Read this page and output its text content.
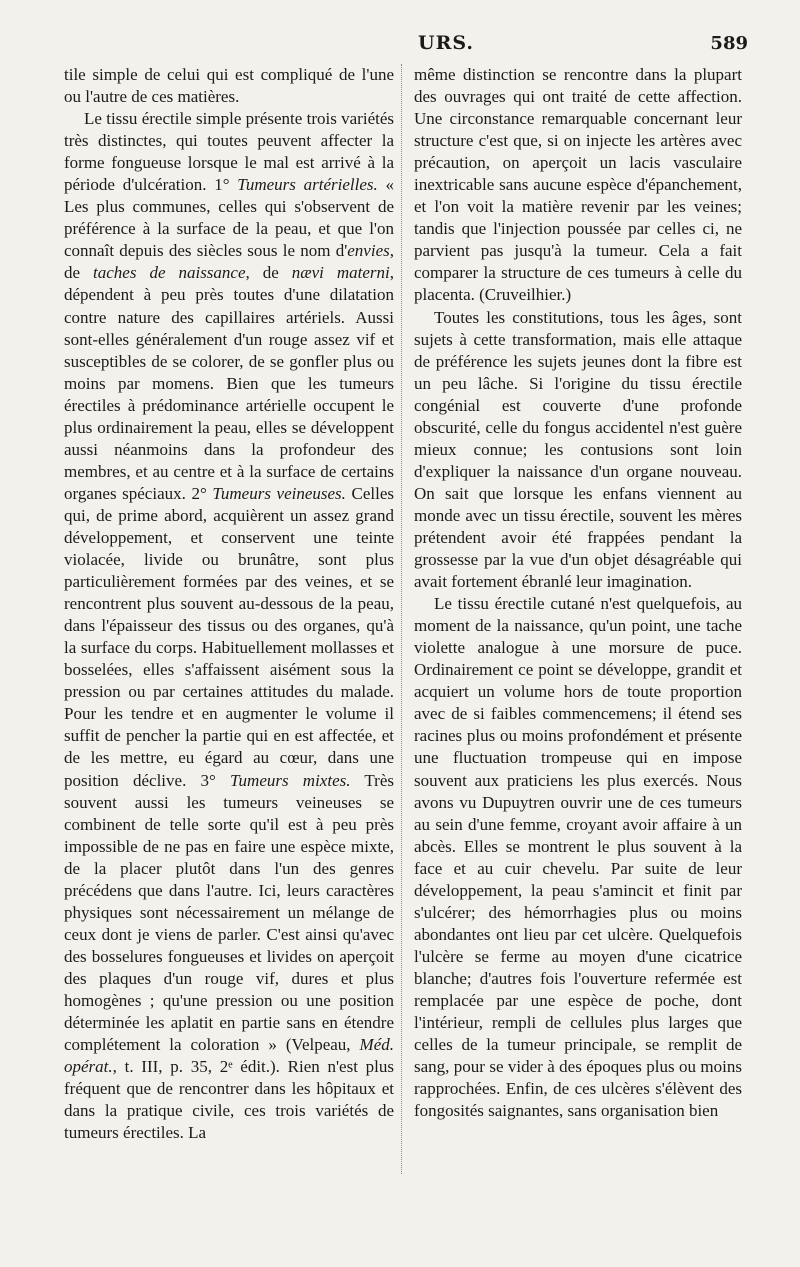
URS.	589

tile simple de celui qui est compliqué de l'une ou l'autre de ces matières.

Le tissu érectile simple présente trois variétés très distinctes, qui toutes peuvent affecter la forme fongueuse lorsque le mal est arrivé à la période d'ulcération. 1° Tumeurs artérielles. « Les plus communes, celles qui s'observent de préférence à la surface de la peau, et que l'on connaît depuis des siècles sous le nom d'envies, de taches de naissance, de nævi materni, dépendent à peu près toutes d'une dilatation contre nature des capillaires artériels. Aussi sont-elles généralement d'un rouge assez vif et susceptibles de se colorer, de se gonfler plus ou moins par momens. Bien que les tumeurs érectiles à prédominance artérielle occupent le plus ordinairement la peau, elles se développent aussi néanmoins dans la profondeur des membres, et au centre et à la surface de certains organes spéciaux. 2° Tumeurs veineuses. Celles qui, de prime abord, acquièrent un assez grand développement, et conservent une teinte violacée, livide ou brunâtre, sont plus particulièrement formées par des veines, et se rencontrent plus souvent au-dessous de la peau, dans l'épaisseur des tissus ou des organes, qu'à la surface du corps. Habituellement mollasses et bosselées, elles s'affaissent aisément sous la pression ou par certaines attitudes du malade. Pour les tendre et en augmenter le volume il suffit de pencher la partie qui en est affectée, et de les mettre, eu égard au cœur, dans une position déclive. 3° Tumeurs mixtes. Très souvent aussi les tumeurs veineuses se combinent de telle sorte qu'il est à peu près impossible de ne pas en faire une espèce mixte, de la placer plutôt dans l'un des genres précédens que dans l'autre. Ici, leurs caractères physiques sont nécessairement un mélange de ceux dont je viens de parler. C'est ainsi qu'avec des bosselures fongueuses et livides on aperçoit des plaques d'un rouge vif, dures et plus homogènes ; qu'une pression ou une position déterminée les aplatit en partie sans en étendre complétement la coloration » (Velpeau, Méd. opérat., t. III, p. 35, 2ᵉ édit.). Rien n'est plus fréquent que de rencontrer dans les hôpitaux et dans la pratique civile, ces trois variétés de tumeurs érectiles. La

même distinction se rencontre dans la plupart des ouvrages qui ont traité de cette affection. Une circonstance remarquable concernant leur structure c'est que, si on injecte les artères avec précaution, on aperçoit un lacis vasculaire inextricable sans aucune espèce d'épanchement, et l'on voit la matière revenir par les veines; tandis que l'injection poussée par celles ci, ne parvient pas jusqu'à la tumeur. Cela a fait comparer la structure de ces tumeurs à celle du placenta. (Cruveilhier.)

Toutes les constitutions, tous les âges, sont sujets à cette transformation, mais elle attaque de préférence les sujets jeunes dont la fibre est un peu lâche. Si l'origine du tissu érectile congénial est couverte d'une profonde obscurité, celle du fongus accidentel n'est guère mieux connue; les contusions sont loin d'expliquer la naissance d'un organe nouveau. On sait que lorsque les enfans viennent au monde avec un tissu érectile, souvent les mères prétendent avoir été frappées pendant la grossesse par la vue d'un objet désagréable qui avait fortement ébranlé leur imagination.

Le tissu érectile cutané n'est quelquefois, au moment de la naissance, qu'un point, une tache violette analogue à une morsure de puce. Ordinairement ce point se développe, grandit et acquiert un volume hors de toute proportion avec de si faibles commencemens; il étend ses racines plus ou moins profondément et présente une fluctuation trompeuse qui en impose souvent aux praticiens les plus exercés. Nous avons vu Dupuytren ouvrir une de ces tumeurs au sein d'une femme, croyant avoir affaire à un abcès. Elles se montrent le plus souvent à la face et au cuir chevelu. Par suite de leur développement, la peau s'amincit et finit par s'ulcérer; des hémorrhagies plus ou moins abondantes ont lieu par cet ulcère. Quelquefois l'ulcère se ferme au moyen d'une cicatrice blanche; d'autres fois l'ouverture refermée est remplacée par une espèce de poche, dont l'intérieur, rempli de cellules plus larges que celles de la tumeur principale, se remplit de sang, pour se vider à des époques plus ou moins rapprochées. Enfin, de ces ulcères s'élèvent des fongosités saignantes, sans organisation bien
